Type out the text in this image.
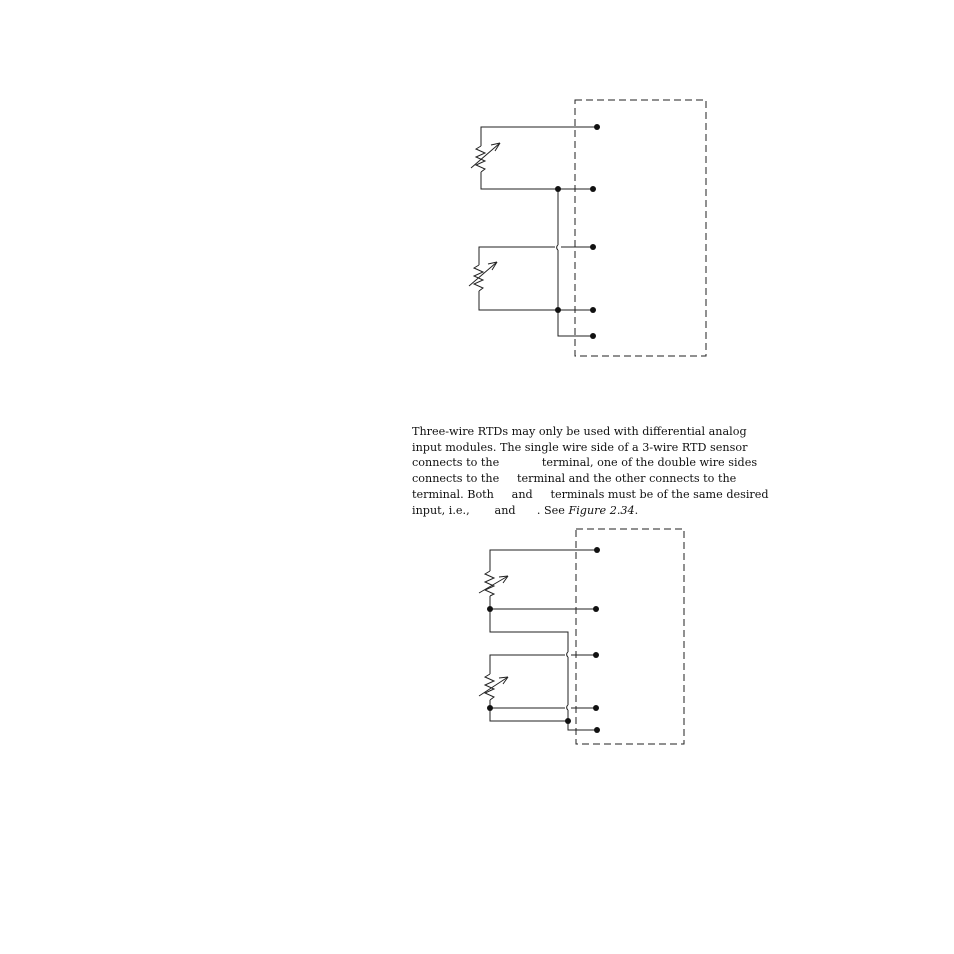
Three-wire RTDs may only be used with differential analog
input modules. The single wire side of a 3-wire RTD sensor
connects to the            terminal, one of the double wire sides
connects to the     terminal and the other connects to the
terminal. Both     and     terminals must be of the same desired
input, i.e.,       and      . See Figure 2.34.
